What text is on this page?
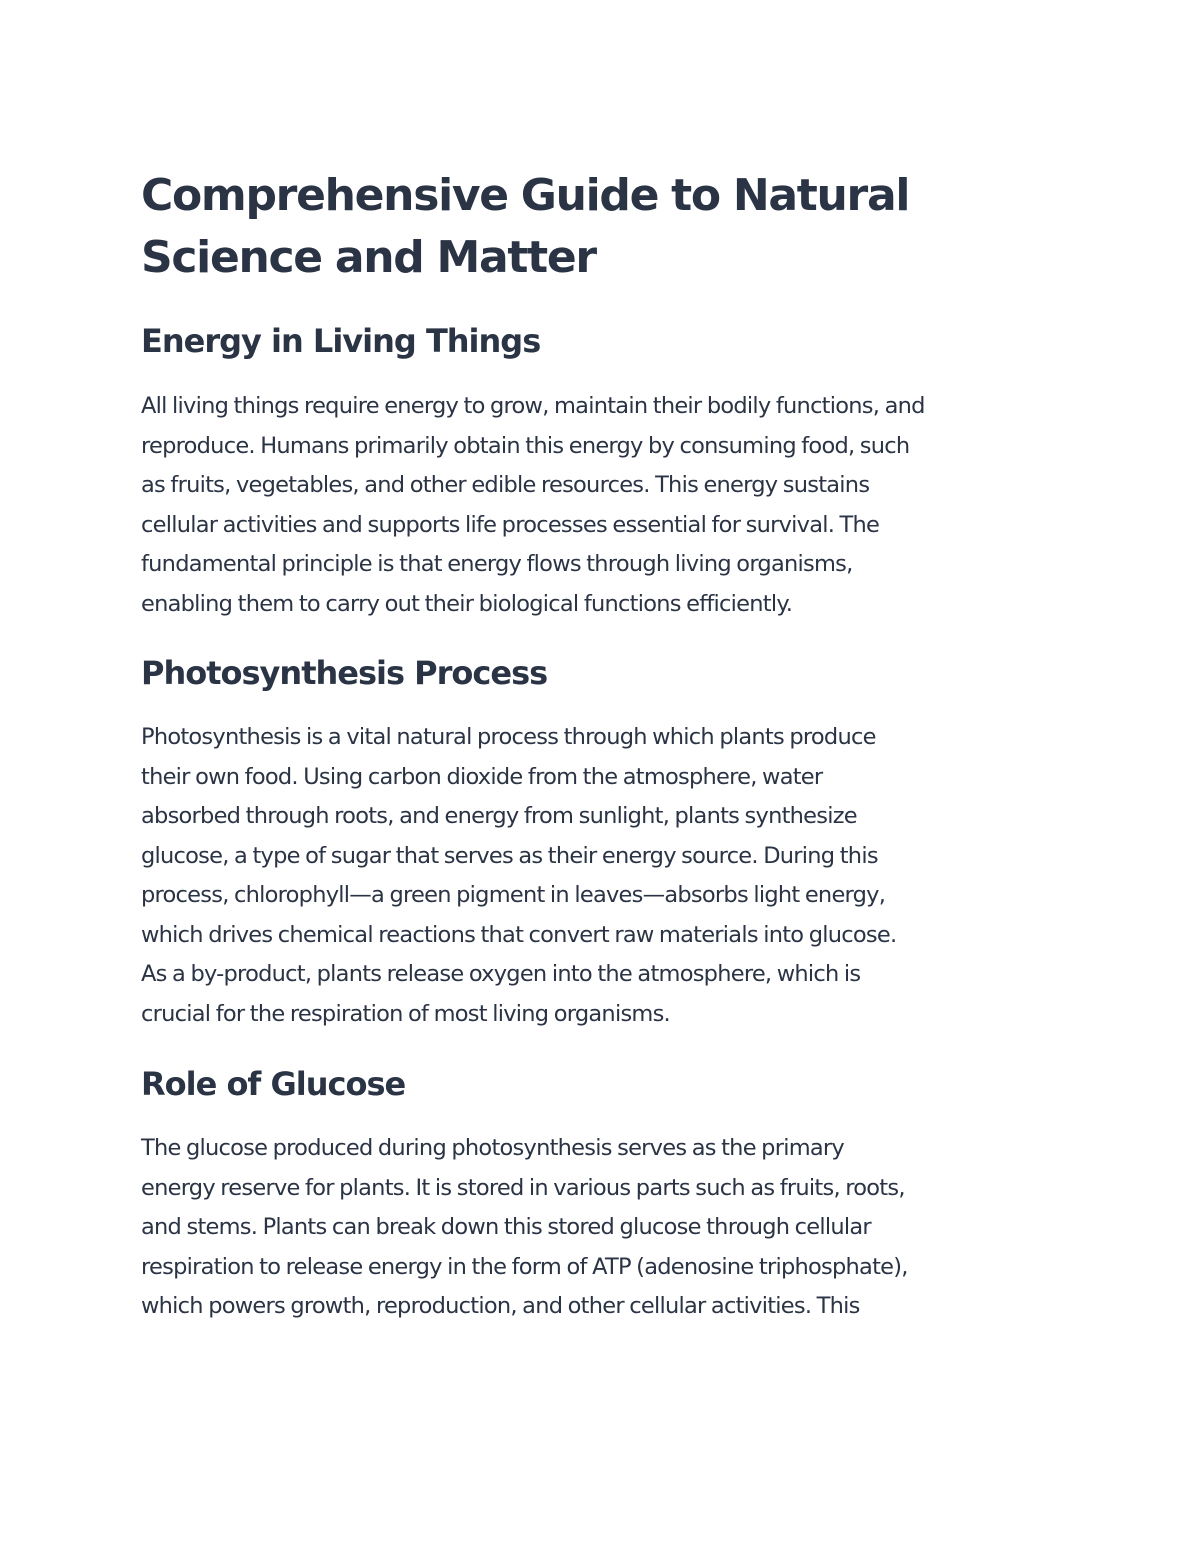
Comprehensive Guide to Natural
Science and Matter
Energy in Living Things

All living things require energy to grow, maintain their bodily functions, and
reproduce. Humans primarily obtain this energy by consuming food, such
as fruits, vegetables, and other edible resources. This energy sustains
cellular activities and supports life processes essential for survival. The
fundamental principle is that energy flows through living organisms,
enabling them to carry out their biological functions efficiently.

Photosynthesis Process

Photosynthesis is a vital natural process through which plants produce
their own food. Using carbon dioxide from the atmosphere, water
absorbed through roots, and energy from sunlight, plants synthesize
glucose, a type of sugar that serves as their energy source. During this
process, chlorophyll—a green pigment in leaves—absorbs light energy,
which drives chemical reactions that convert raw materials into glucose.
As a by-product, plants release oxygen into the atmosphere, which is
crucial for the respiration of most living organisms.

Role of Glucose

The glucose produced during photosynthesis serves as the primary
energy reserve for plants. It is stored in various parts such as fruits, roots,
and stems. Plants can break down this stored glucose through cellular
respiration to release energy in the form of ATP (adenosine triphosphate),
which powers growth, reproduction, and other cellular activities. This
